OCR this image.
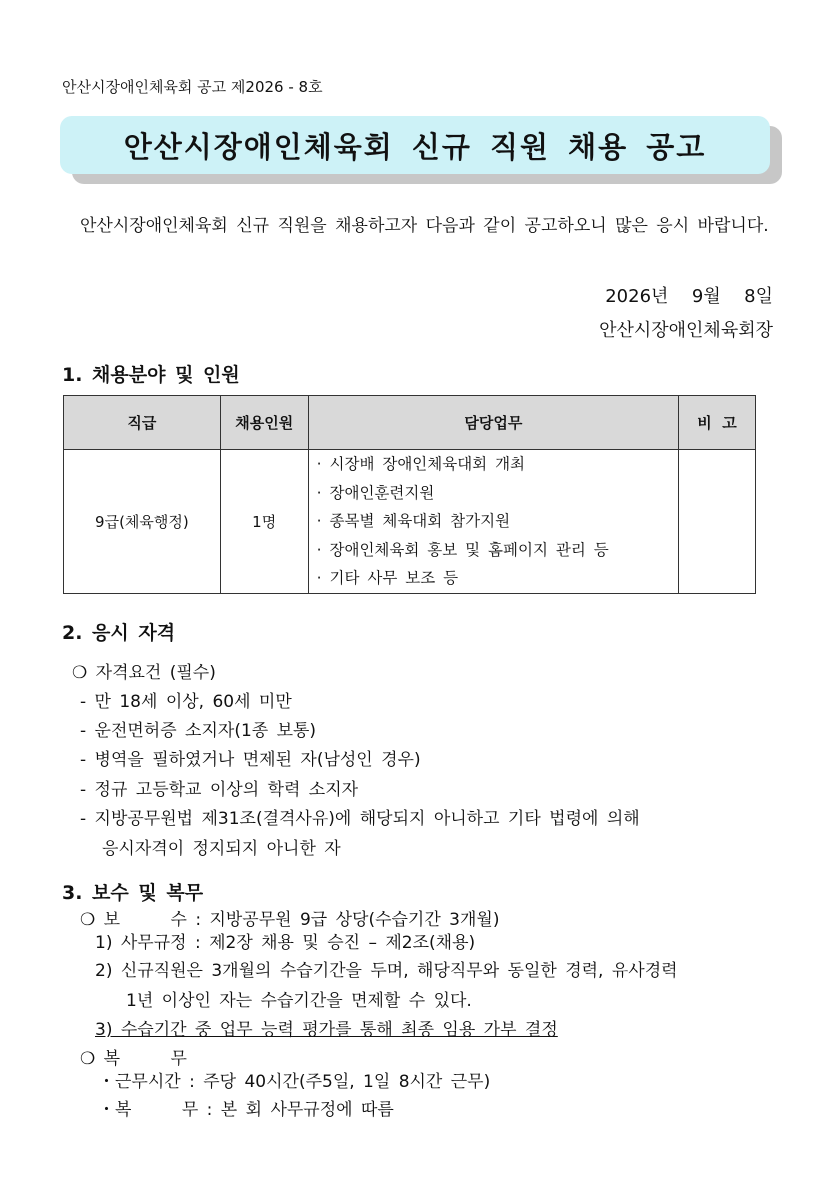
안산시장애인체육회 공고 제2026 - 8호
안산시장애인체육회 신규 직원 채용 공고
안산시장애인체육회 신규 직원을 채용하고자 다음과 같이 공고하오니 많은 응시 바랍니다.
2026년  9월  8일
안산시장애인체육회장
1. 채용분야 및 인원
직급	채용인원	담당업무	비  고
9급(체육행정)	1명	· 시장배 장애인체육대회 개최
· 장애인훈련지원
· 종목별 체육대회 참가지원
· 장애인체육회 홍보 및 홈페이지 관리 등
· 기타 사무 보조 등	

2. 응시 자격
❍ 자격요건 (필수)
- 만 18세 이상, 60세 미만
- 운전면허증 소지자(1종 보통)
- 병역을 필하였거나 면제된 자(남성인 경우)
- 정규 고등학교 이상의 학력 소지자
- 지방공무원법 제31조(결격사유)에 해당되지 아니하고 기타 법령에 의해
응시자격이 정지되지 아니한 자
3. 보수 및 복무
❍ 보      수 : 지방공무원 9급 상당(수습기간 3개월)
1) 사무규정 : 제2장 채용 및 승진 – 제2조(채용)
2) 신규직원은 3개월의 수습기간을 두며, 해당직무와 동일한 경력, 유사경력
1년 이상인 자는 수습기간을 면제할 수 있다.
3) 수습기간 중 업무 능력 평가를 통해 최종 임용 가부 결정
❍ 복      무
・근무시간 : 주당 40시간(주5일, 1일 8시간 근무)
・복      무 : 본 회 사무규정에 따름
